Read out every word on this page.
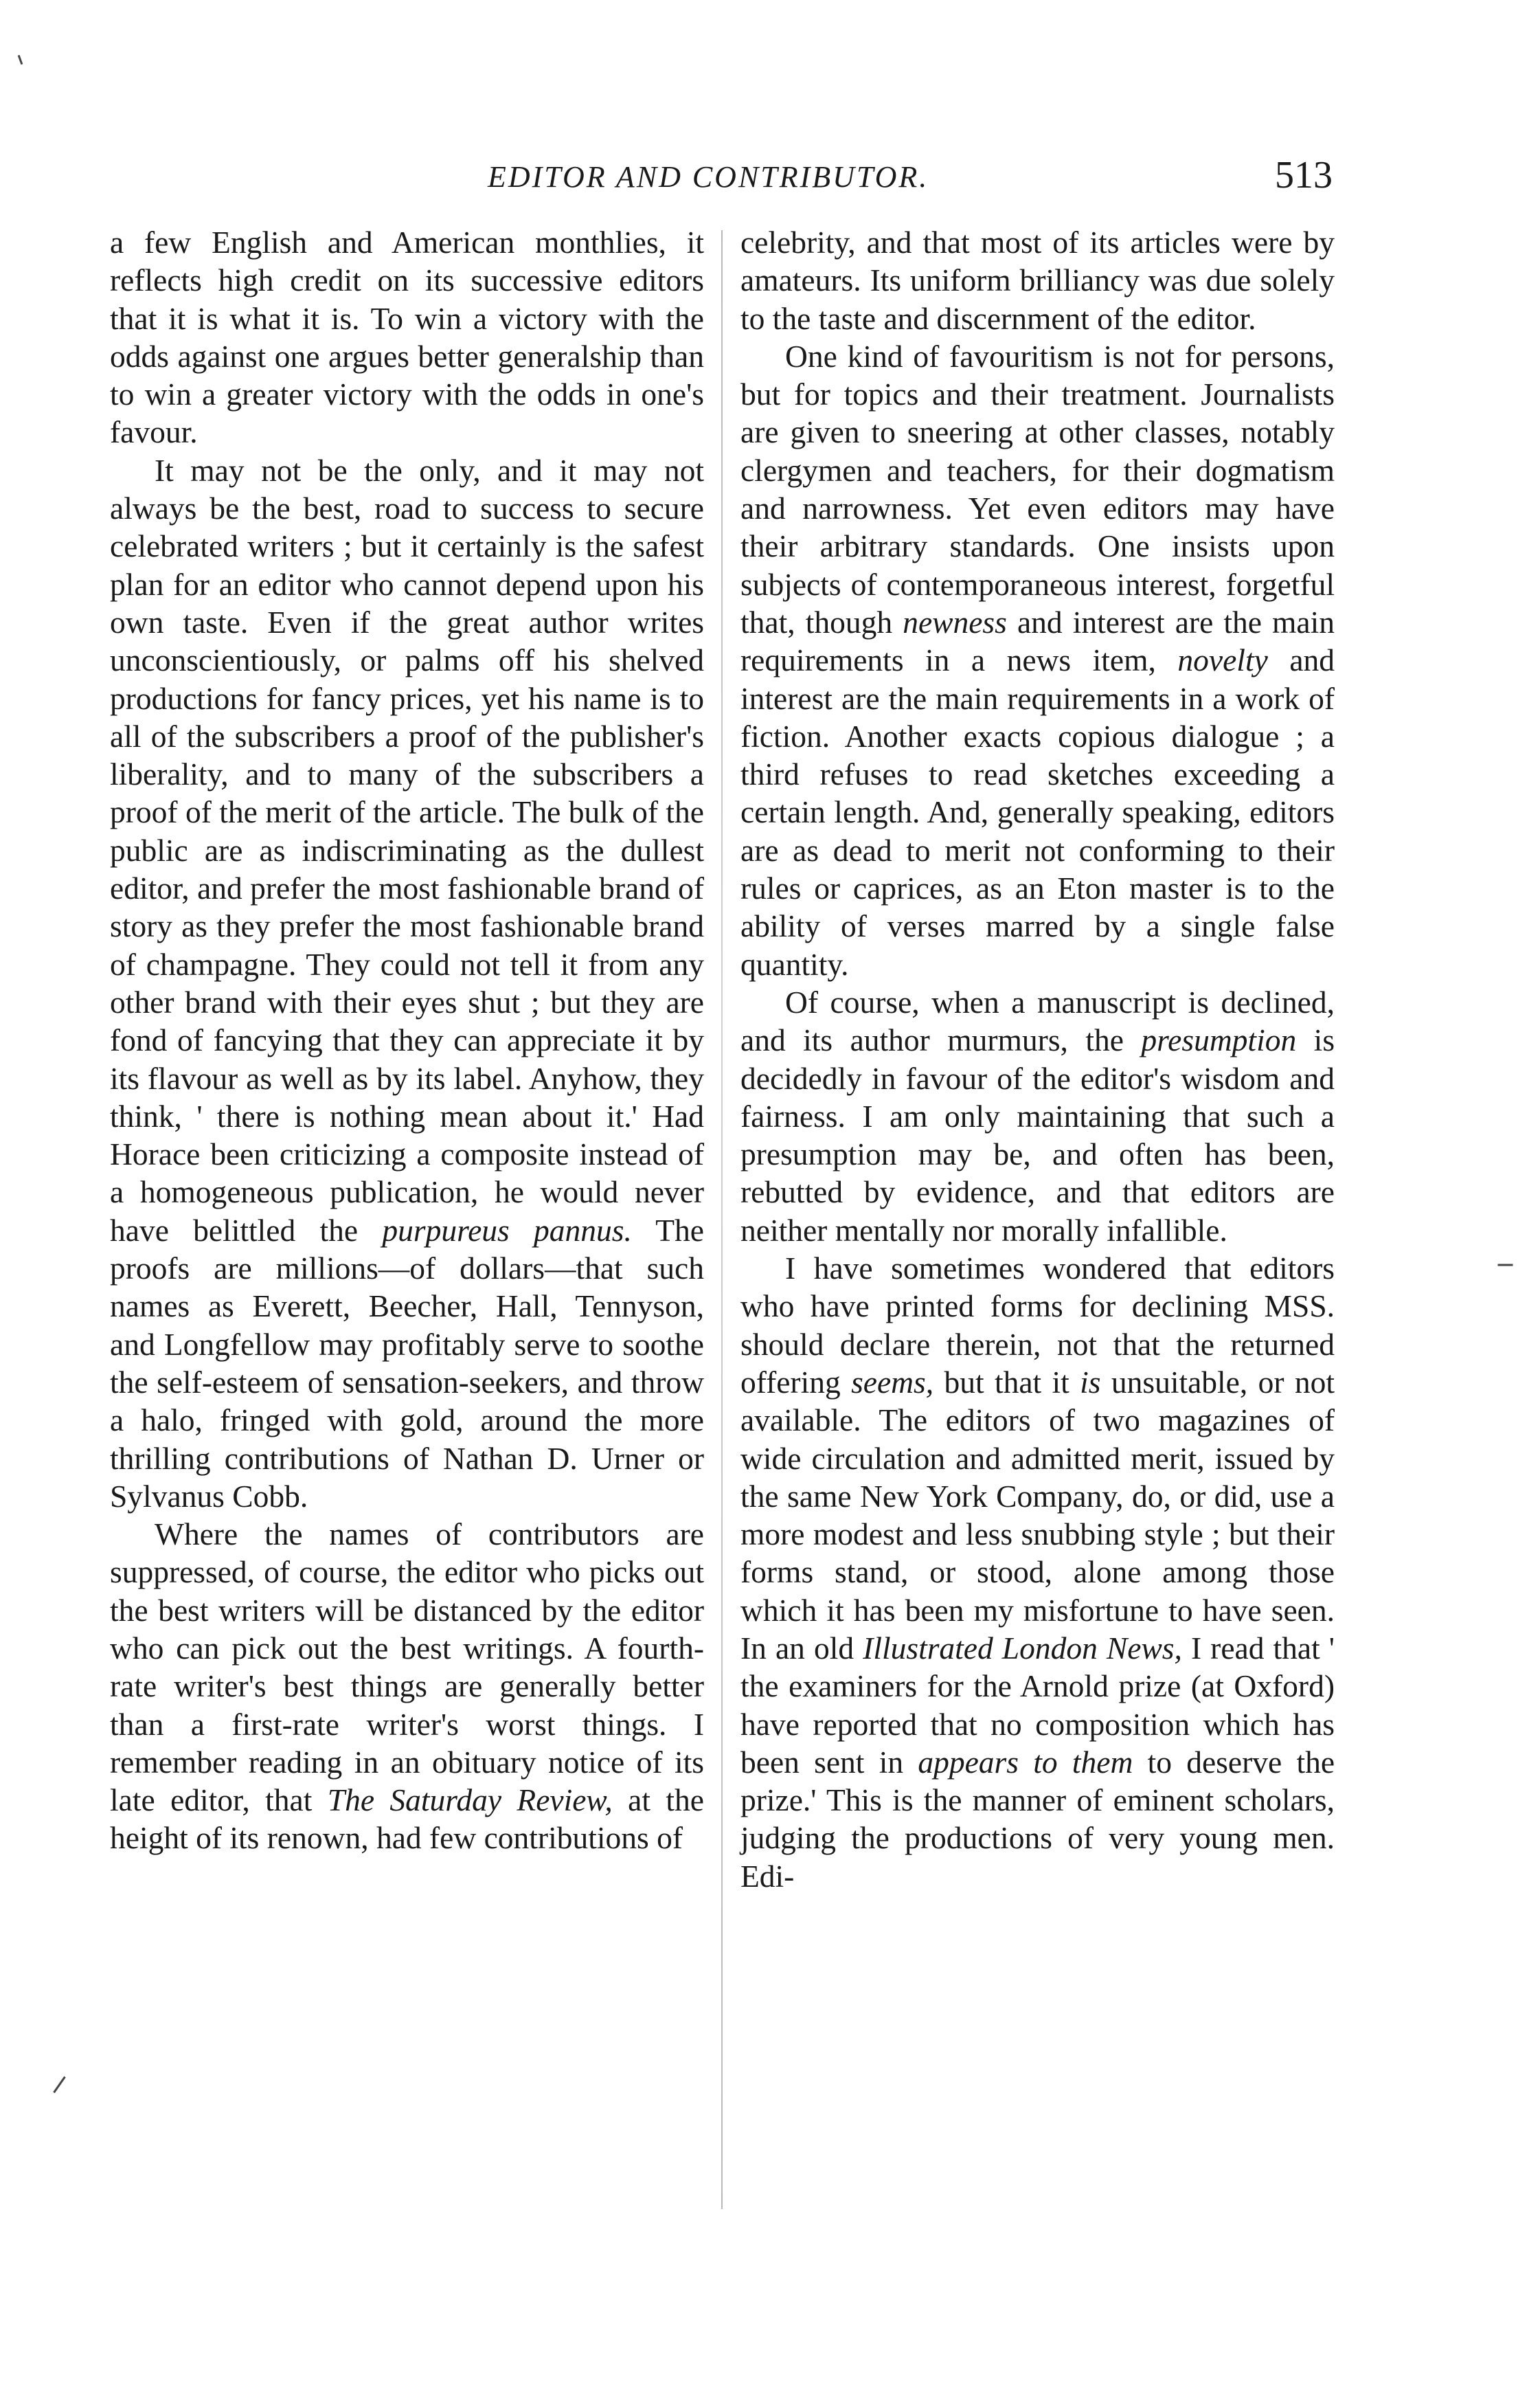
EDITOR AND CONTRIBUTOR.	513

a few English and American monthlies, it reflects high credit on its successive editors that it is what it is. To win a victory with the odds against one argues better generalship than to win a greater victory with the odds in one's favour.

It may not be the only, and it may not always be the best, road to success to secure celebrated writers ; but it certainly is the safest plan for an editor who cannot depend upon his own taste. Even if the great author writes unconscientiously, or palms off his shelved productions for fancy prices, yet his name is to all of the subscribers a proof of the publisher's liberality, and to many of the subscribers a proof of the merit of the article. The bulk of the public are as indiscriminating as the dullest editor, and prefer the most fashionable brand of story as they prefer the most fashionable brand of champagne. They could not tell it from any other brand with their eyes shut ; but they are fond of fancying that they can appreciate it by its flavour as well as by its label. Anyhow, they think, ' there is nothing mean about it.' Had Horace been criticizing a composite instead of a homogeneous publication, he would never have belittled the purpureus pannus. The proofs are millions—of dollars—that such names as Everett, Beecher, Hall, Tennyson, and Longfellow may profitably serve to soothe the self-esteem of sensation-seekers, and throw a halo, fringed with gold, around the more thrilling contributions of Nathan D. Urner or Sylvanus Cobb.

Where the names of contributors are suppressed, of course, the editor who picks out the best writers will be distanced by the editor who can pick out the best writings. A fourth-rate writer's best things are generally better than a first-rate writer's worst things. I remember reading in an obituary notice of its late editor, that The Saturday Review, at the height of its renown, had few contributions of

celebrity, and that most of its articles were by amateurs. Its uniform brilliancy was due solely to the taste and discernment of the editor.

One kind of favouritism is not for persons, but for topics and their treatment. Journalists are given to sneering at other classes, notably clergymen and teachers, for their dogmatism and narrowness. Yet even editors may have their arbitrary standards. One insists upon subjects of contemporaneous interest, forgetful that, though newness and interest are the main requirements in a news item, novelty and interest are the main requirements in a work of fiction. Another exacts copious dialogue ; a third refuses to read sketches exceeding a certain length. And, generally speaking, editors are as dead to merit not conforming to their rules or caprices, as an Eton master is to the ability of verses marred by a single false quantity.

Of course, when a manuscript is declined, and its author murmurs, the presumption is decidedly in favour of the editor's wisdom and fairness. I am only maintaining that such a presumption may be, and often has been, rebutted by evidence, and that editors are neither mentally nor morally infallible.

I have sometimes wondered that editors who have printed forms for declining MSS. should declare therein, not that the returned offering seems, but that it is unsuitable, or not available. The editors of two magazines of wide circulation and admitted merit, issued by the same New York Company, do, or did, use a more modest and less snubbing style ; but their forms stand, or stood, alone among those which it has been my misfortune to have seen. In an old Illustrated London News, I read that ' the examiners for the Arnold prize (at Oxford) have reported that no composition which has been sent in appears to them to deserve the prize.' This is the manner of eminent scholars, judging the productions of very young men. Edi-
